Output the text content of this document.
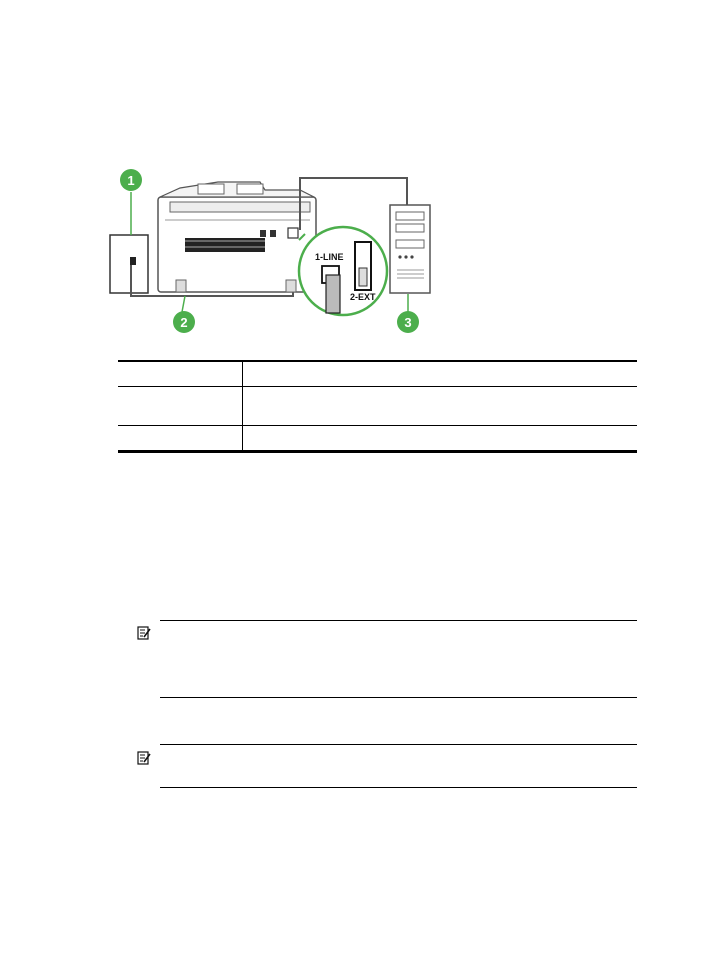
1-LINE
2-EXT
1
2	3
